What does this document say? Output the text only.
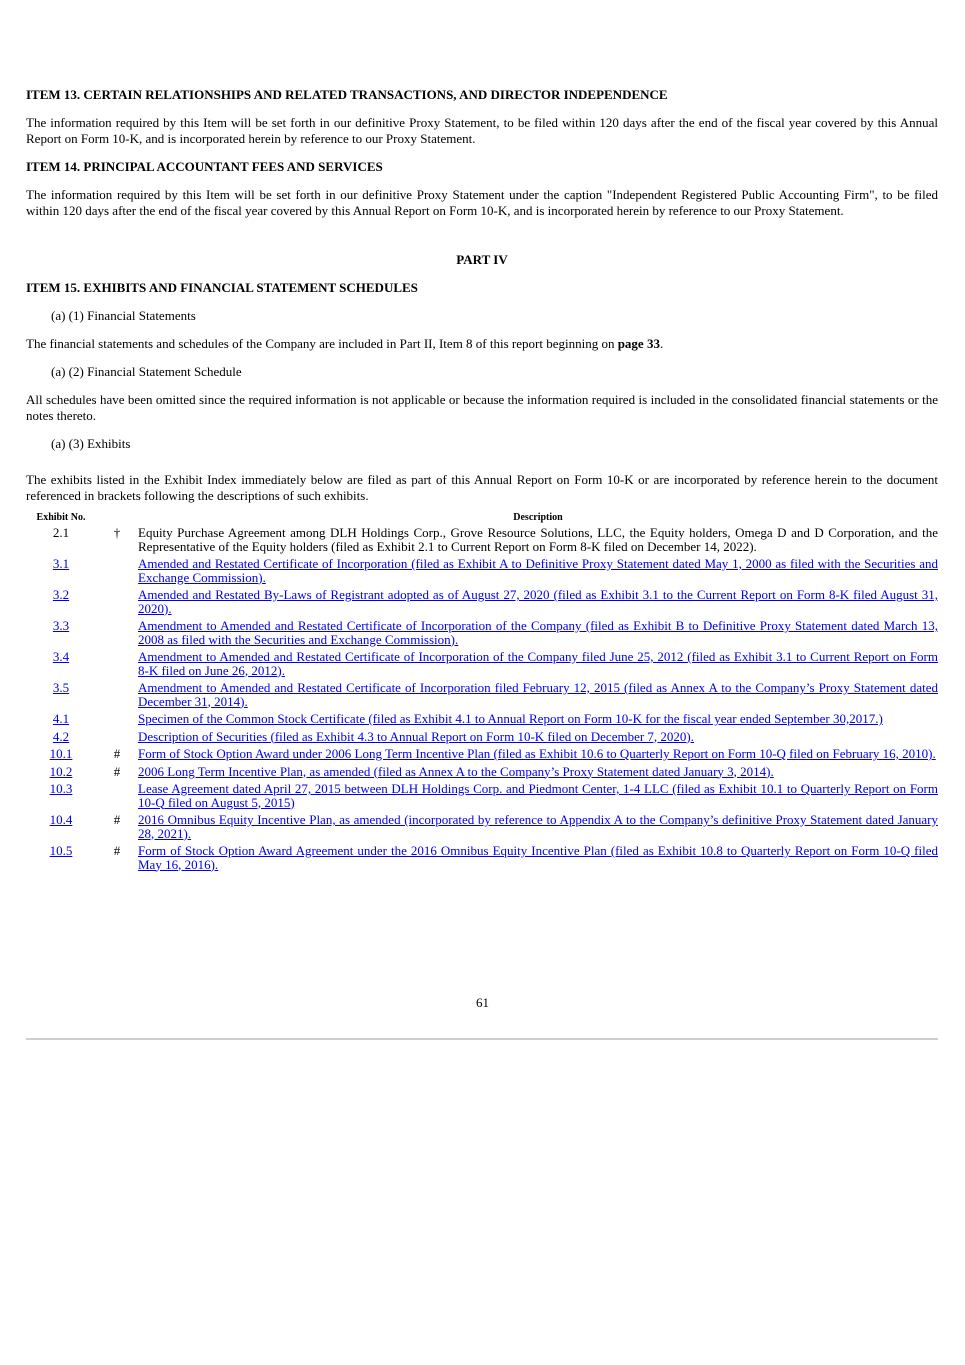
ITEM 13. CERTAIN RELATIONSHIPS AND RELATED TRANSACTIONS, AND DIRECTOR INDEPENDENCE

The information required by this Item will be set forth in our definitive Proxy Statement, to be filed within 120 days after the end of the fiscal year covered by this Annual Report on Form 10-K, and is incorporated herein by reference to our Proxy Statement.

ITEM 14. PRINCIPAL ACCOUNTANT FEES AND SERVICES

The information required by this Item will be set forth in our definitive Proxy Statement under the caption "Independent Registered Public Accounting Firm", to be filed within 120 days after the end of the fiscal year covered by this Annual Report on Form 10-K, and is incorporated herein by reference to our Proxy Statement.

PART IV

ITEM 15. EXHIBITS AND FINANCIAL STATEMENT SCHEDULES

(a) (1) Financial Statements

The financial statements and schedules of the Company are included in Part II, Item 8 of this report beginning on page 33.

(a) (2) Financial Statement Schedule

All schedules have been omitted since the required information is not applicable or because the information required is included in the consolidated financial statements or the notes thereto.

(a) (3) Exhibits

The exhibits listed in the Exhibit Index immediately below are filed as part of this Annual Report on Form 10-K or are incorporated by reference herein to the document referenced in brackets following the descriptions of such exhibits.

Exhibit No.		Description
2.1	†	Equity Purchase Agreement among DLH Holdings Corp., Grove Resource Solutions, LLC, the Equity holders, Omega D and D Corporation, and the Representative of the Equity holders (filed as Exhibit 2.1 to Current Report on Form 8-K filed on December 14, 2022).
3.1		Amended and Restated Certificate of Incorporation (filed as Exhibit A to Definitive Proxy Statement dated May 1, 2000 as filed with the Securities and Exchange Commission).
3.2		Amended and Restated By-Laws of Registrant adopted as of August 27, 2020 (filed as Exhibit 3.1 to the Current Report on Form 8-K filed August 31, 2020).
3.3		Amendment to Amended and Restated Certificate of Incorporation of the Company (filed as Exhibit B to Definitive Proxy Statement dated March 13, 2008 as filed with the Securities and Exchange Commission).
3.4		Amendment to Amended and Restated Certificate of Incorporation of the Company filed June 25, 2012 (filed as Exhibit 3.1 to Current Report on Form 8-K filed on June 26, 2012).
3.5		Amendment to Amended and Restated Certificate of Incorporation filed February 12, 2015 (filed as Annex A to the Company’s Proxy Statement dated December 31, 2014).
4.1		Specimen of the Common Stock Certificate (filed as Exhibit 4.1 to Annual Report on Form 10-K for the fiscal year ended September 30,2017.)
4.2		Description of Securities (filed as Exhibit 4.3 to Annual Report on Form 10-K filed on December 7, 2020).
10.1	#	Form of Stock Option Award under 2006 Long Term Incentive Plan (filed as Exhibit 10.6 to Quarterly Report on Form 10-Q filed on February 16, 2010).
10.2	#	2006 Long Term Incentive Plan, as amended (filed as Annex A to the Company’s Proxy Statement dated January 3, 2014).
10.3		Lease Agreement dated April 27, 2015 between DLH Holdings Corp. and Piedmont Center, 1-4 LLC (filed as Exhibit 10.1 to Quarterly Report on Form 10-Q filed on August 5, 2015)
10.4	#	2016 Omnibus Equity Incentive Plan, as amended (incorporated by reference to Appendix A to the Company’s definitive Proxy Statement dated January 28, 2021).
10.5	#	Form of Stock Option Award Agreement under the 2016 Omnibus Equity Incentive Plan (filed as Exhibit 10.8 to Quarterly Report on Form 10-Q filed May 16, 2016).
61
